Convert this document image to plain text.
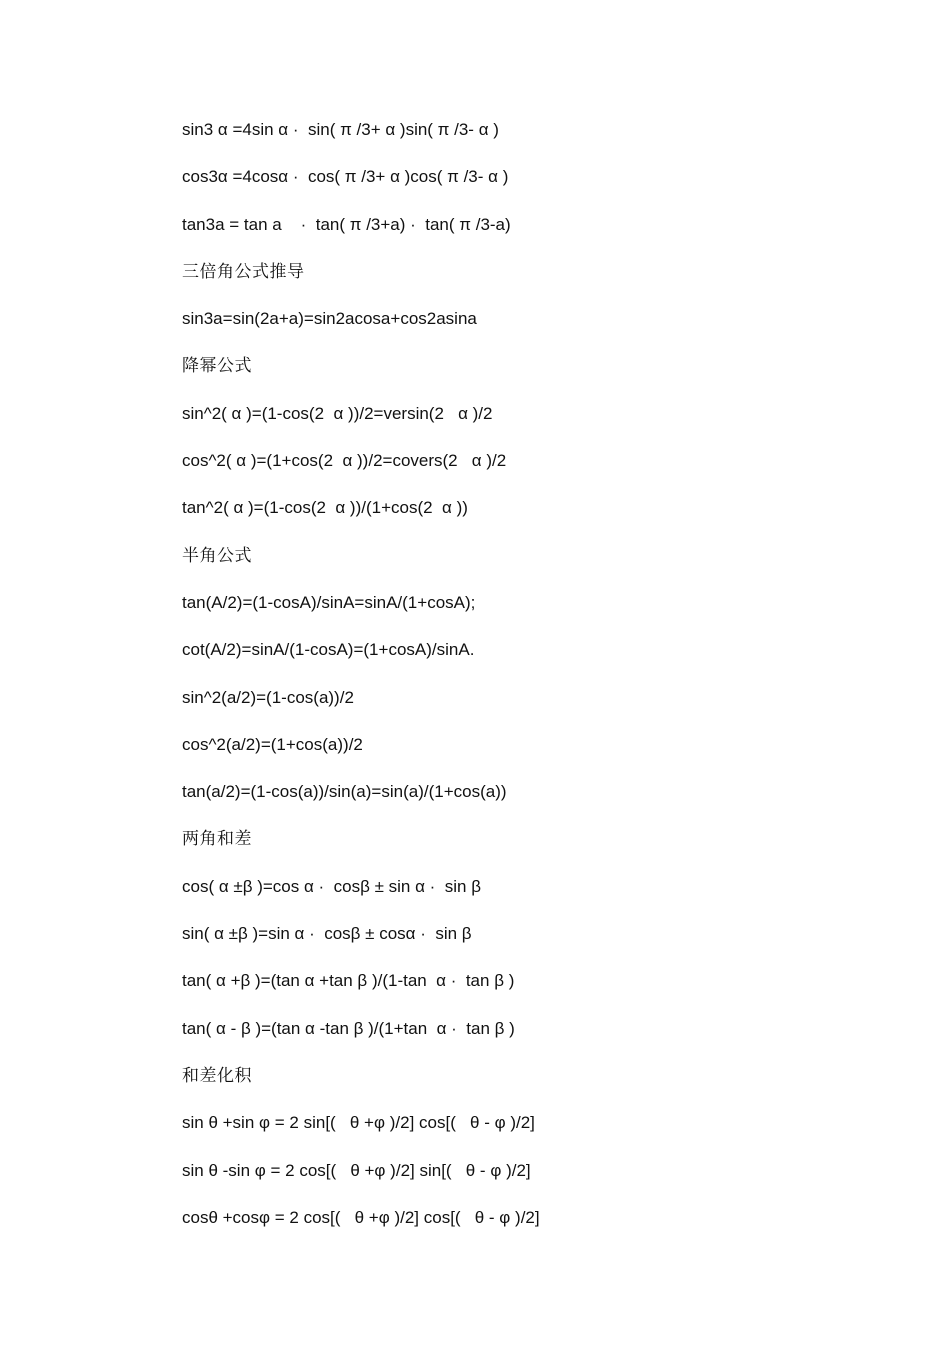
sin3 α =4sin α ·  sin( π /3+ α )sin( π /3- α )
cos3α =4cosα ·  cos( π /3+ α )cos( π /3- α )
tan3a = tan a    ·  tan( π /3+a) ·  tan( π /3-a)
三倍角公式推导
sin3a=sin(2a+a)=sin2acosa+cos2asina
降幂公式
sin^2( α )=(1-cos(2  α ))/2=versin(2   α )/2
cos^2( α )=(1+cos(2  α ))/2=covers(2   α )/2
tan^2( α )=(1-cos(2  α ))/(1+cos(2  α ))
半角公式
tan(A/2)=(1-cosA)/sinA=sinA/(1+cosA);
cot(A/2)=sinA/(1-cosA)=(1+cosA)/sinA.
sin^2(a/2)=(1-cos(a))/2
cos^2(a/2)=(1+cos(a))/2
tan(a/2)=(1-cos(a))/sin(a)=sin(a)/(1+cos(a))
两角和差
cos( α ±β )=cos α ·  cosβ ± sin α ·  sin β
sin( α ±β )=sin α ·  cosβ ± cosα ·  sin β
tan( α +β )=(tan α +tan β )/(1-tan  α ·  tan β )
tan( α - β )=(tan α -tan β )/(1+tan  α ·  tan β )
和差化积
sin θ +sin φ = 2 sin[(   θ +φ )/2] cos[(   θ - φ )/2]
sin θ -sin φ = 2 cos[(   θ +φ )/2] sin[(   θ - φ )/2]
cosθ +cosφ = 2 cos[(   θ +φ )/2] cos[(   θ - φ )/2]
